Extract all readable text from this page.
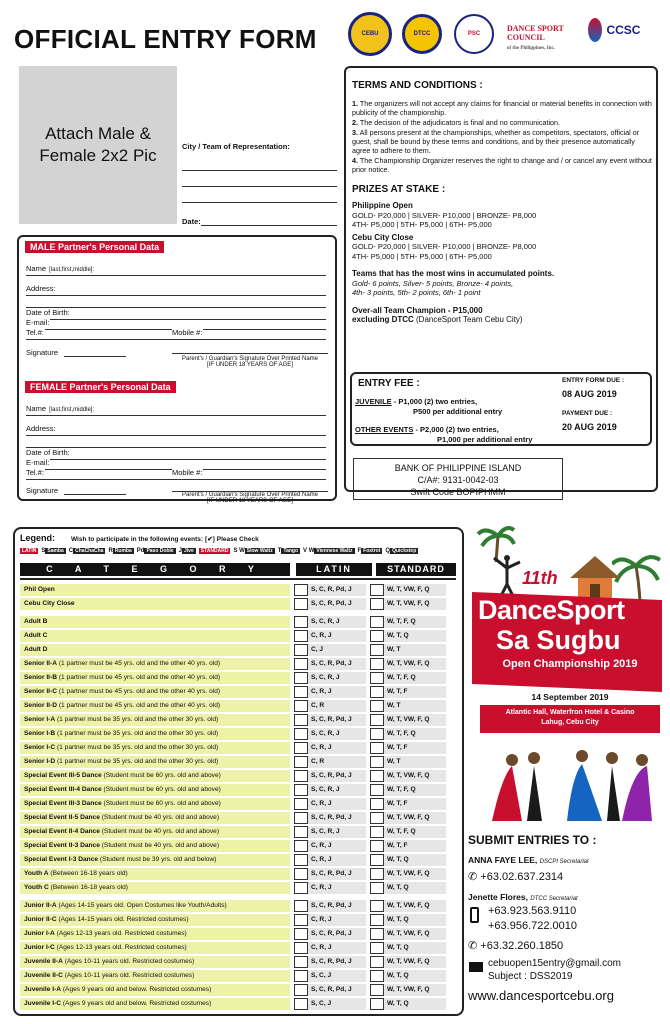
OFFICIAL ENTRY FORM	CEBU	DTCC	PSC
DANCE SPORT COUNCIL
of the Philippines, Inc.
CCSC
Attach Male & Female 2x2 Pic	City / Team of Representation:
Date:
MALE Partner's Personal Data
Name [last,first,middle]:
Address:
Date of Birth:
E-mail:
Tel.#:	Mobile #:
Signature
Parent's / Guardian's Signature Over Printed Name
[IF UNDER 18 YEARS OF AGE]
FEMALE Partner's Personal Data
Name [last,first,middle]:
Address:
Date of Birth:
E-mail:
Tel.#:	Mobile #:
Signature	Parent's / Guardian's Signature Over Printed Name
[IF UNDER 18 YEARS OF AGE]
TERMS AND CONDITIONS :

1. The organizers will not accept any claims for financial or material benefits in connection with publicity of the championship.

2. The decision of the adjudicators is final and no communication.

3. All persons present at the championships, whether as competitors, spectators, official or guest, shall be bound by these terms and conditions, and by their presence automatically agree to adhere to them.

4. The Championship Organizer reserves the right to change and / or cancel any event without prior notice.

PRIZES AT STAKE :
Philippine Open
GOLD- P20,000 | SILVER- P10,000 | BRONZE- P8,000
4TH- P5,000 | 5TH- P5,000 | 6TH- P5,000
Cebu City Close
GOLD- P20,000 | SILVER- P10,000 | BRONZE- P8,000
4TH- P5,000 | 5TH- P5,000 | 6TH- P5,000
Teams that has the most wins in accumulated points.
Gold- 6 points, Silver- 5 points, Bronze- 4 points,
4th- 3 points, 5th- 2 points, 6th- 1 point
Over-all Team Champion - P15,000
excluding DTCC (DanceSport Team Cebu City)
ENTRY FEE :
JUVENILE - P1,000 (2) two entries,
P500 per additional entry
OTHER EVENTS - P2,000 (2) two entries,
P1,000 per additional entry
ENTRY FORM DUE :
08 AUG 2019
PAYMENT DUE :
20 AUG 2019
BANK OF PHILIPPINE ISLAND
C/A#: 9131-0042-03
Swift Code BOPIPHMM
Legend: Wish to participate in the following events: [✔] Please Check
LATIN S Samba C ChaChaCha R Rumba Pd Paso Doble J Jive STANDARD S W Slow Waltz T Tango V W Viennese Waltz F Foxtrot Q Quickstep
C A T E G O R Y	LATIN	STANDARD
Phil Open	S, C, R, Pd, J	W, T, VW, F, Q
Cebu City Close	S, C, R, Pd, J	W, T, VW, F, Q
Adult B	S, C, R, J	W, T, F, Q
Adult C	C, R, J	W, T, Q
Adult D	C, J	W, T
Senior II-A (1 partner must be 45 yrs. old and the other 40 yrs. old)	S, C, R, Pd, J	W, T, VW, F, Q
Senior II-B (1 partner must be 45 yrs. old and the other 40 yrs. old)	S, C, R, J	W, T, F, Q
Senior II-C (1 partner must be 45 yrs. old and the other 40 yrs. old)	C, R, J	W, T, F
Senior II-D (1 partner must be 45 yrs. old and the other 40 yrs. old)	C, R	W, T
Senior I-A (1 partner must be 35 yrs. old and the other 30 yrs. old)	S, C, R, Pd, J	W, T, VW, F, Q
Senior I-B (1 partner must be 35 yrs. old and the other 30 yrs. old)	S, C, R, J	W, T, F, Q
Senior I-C (1 partner must be 35 yrs. old and the other 30 yrs. old)	C, R, J	W, T, F
Senior I-D (1 partner must be 35 yrs. old and the other 30 yrs. old)	C, R	W, T
Special Event III-5 Dance (Student must be 60 yrs. old and above)	S, C, R, Pd, J	W, T, VW, F, Q
Special Event III-4 Dance (Student must be 60 yrs. old and above)	S, C, R, J	W, T, F, Q
Special Event III-3 Dance (Student must be 60 yrs. old and above)	C, R, J	W, T, F
Special Event II-5 Dance (Student must be 40 yrs. old and above)	S, C, R, Pd, J	W, T, VW, F, Q
Special Event II-4 Dance (Student must be 40 yrs. old and above)	S, C, R, J	W, T, F, Q
Special Event II-3 Dance (Student must be 40 yrs. old and above)	C, R, J	W, T, F
Special Event I-3 Dance (Student must be 39 yrs. old and below)	C, R, J	W, T, Q
Youth A (Between 16-18 years old)	S, C, R, Pd, J	W, T, VW, F, Q
Youth C (Between 16-18 years old)	C, R, J	W, T, Q
Junior II-A (Ages 14-15 years old. Open Costumes like Youth/Adults)	S, C, R, Pd, J	W, T, VW, F, Q
Junior II-C (Ages 14-15 years old. Restricted costumes)	C, R, J	W, T, Q
Junior I-A (Ages 12-13 years old. Restricted costumes)	S, C, R, Pd, J	W, T, VW, F, Q
Junior I-C (Ages 12-13 years old. Restricted costumes)	C, R, J	W, T, Q
Juvenile II-A (Ages 10-11 years old. Restricted costumes)	S, C, R, Pd, J	W, T, VW, F, Q
Juvenile II-C (Ages 10-11 years old. Restricted costumes)	S, C, J	W, T, Q
Juvenile I-A (Ages 9 years old and below. Restricted costumes)	S, C, R, Pd, J	W, T, VW, F, Q
Juvenile I-C (Ages 9 years old and below. Restricted costumes)	S, C, J	W, T, Q
11th
DanceSport
Sa Sugbu
Open Championship 2019
14 September 2019
Atlantic Hall, Waterfron Hotel & Casino
Lahug, Cebu City
SUBMIT ENTRIES TO :
ANNA FAYE LEE, DSCPI Secretariat
✆ +63.02.637.2314
Jenette Flores, DTCC Secretariat
+63.923.563.9110
+63.956.722.0010
✆ +63.32.260.1850
cebuopen15entry@gmail.com
Subject : DSS2019
www.dancesportcebu.org
